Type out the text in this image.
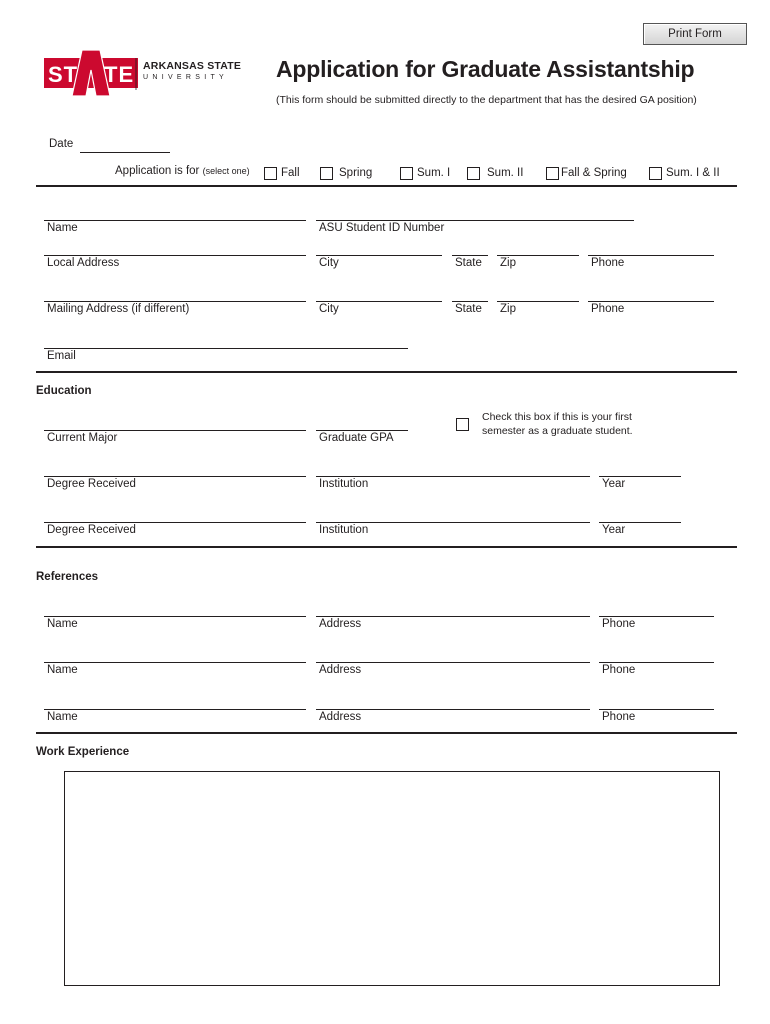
Print Form
ST TE ARKANSAS STATE
UNIVERSITY Application for Graduate Assistantship
(This form should be submitted directly to the department that has the desired GA position)
Date
Application is for (select one)	Fall	Spring	Sum. I	Sum. II	Fall & Spring	Sum. I & II
Name	ASU Student ID Number
Local Address	City	State Zip	Phone
Mailing Address (if different)	City	State Zip	Phone
Email
Education
Check this box if this is your first
semester as a graduate student.
Current Major	Graduate GPA
Degree Received	Institution	Year
Degree Received	Institution	Year
References
Name	Address	Phone
Name	Address	Phone
Name	Address	Phone
Work Experience
